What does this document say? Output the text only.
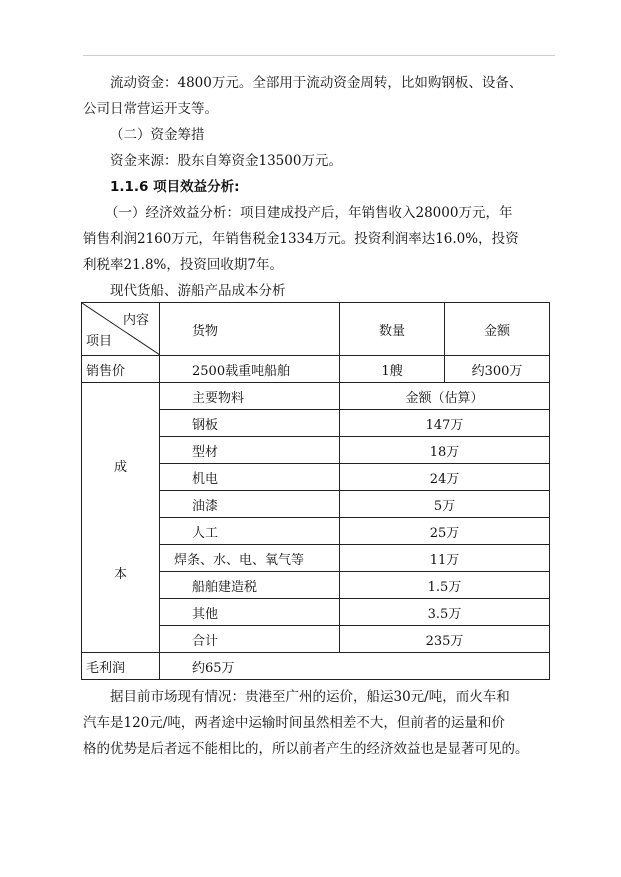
流动资金：4800万元。全部用于流动资金周转，比如购钢板、设备、
公司日常营运开支等。
（二）资金筹措
资金来源：股东自筹资金13500万元。
1.1.6 项目效益分析:
（一）经济效益分析：项目建成投产后，年销售收入28000万元，年
销售利润2160万元，年销售税金1334万元。投资利润率达16.0%，投资
利税率21.8%，投资回收期7年。
现代货船、游船产品成本分析
内容
项目	货物	数量	金额
销售价	2500载重吨船舶	1艘	约300万

成
本	主要物料	金额（估算）	
	钢板	147万	
	型材	18万	
	机电	24万	
	油漆	5万	
	人工	25万	
	焊条、水、电、氧气等	11万	
	船舶建造税	1.5万	
	其他	3.5万	
	合计	235万	
毛利润	约65万		
据目前市场现有情况：贵港至广州的运价，船运30元/吨，而火车和
汽车是120元/吨，两者途中运输时间虽然相差不大，但前者的运量和价
格的优势是后者远不能相比的，所以前者产生的经济效益也是显著可见的。
